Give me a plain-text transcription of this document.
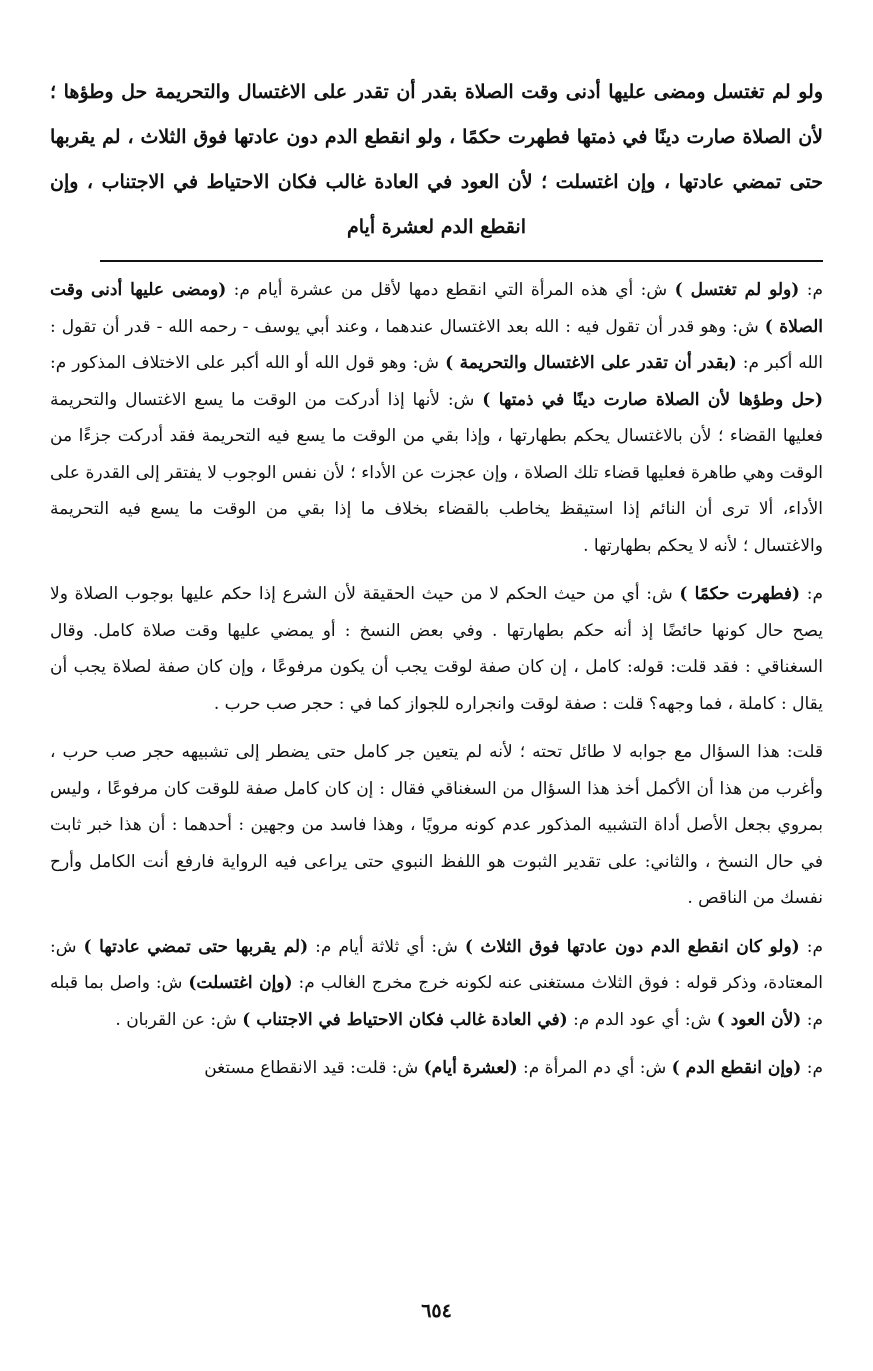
ولو لم تغتسل ومضى عليها أدنى وقت الصلاة بقدر أن تقدر على الاغتسال والتحريمة حل وطؤها ؛ لأن الصلاة صارت دينًا في ذمتها فطهرت حكمًا ، ولو انقطع الدم دون عادتها فوق الثلاث ، لم يقربها حتى تمضي عادتها ، وإن اغتسلت ؛ لأن العود في العادة غالب فكان الاحتياط في الاجتناب ، وإن انقطع الدم لعشرة أيام

م: (ولو لم تغتسل ) ش: أي هذه المرأة التي انقطع دمها لأقل من عشرة أيام م: (ومضى عليها أدنى وقت الصلاة ) ش: وهو قدر أن تقول فيه : الله بعد الاغتسال عندهما ، وعند أبي يوسف - رحمه الله - قدر أن تقول : الله أكبر م: (بقدر أن تقدر على الاغتسال والتحريمة ) ش: وهو قول الله أو الله أكبر على الاختلاف المذكور م: (حل وطؤها لأن الصلاة صارت دينًا في ذمتها ) ش: لأنها إذا أدركت من الوقت ما يسع الاغتسال والتحريمة فعليها القضاء ؛ لأن بالاغتسال يحكم بطهارتها ، وإذا بقي من الوقت ما يسع فيه التحريمة فقد أدركت جزءًا من الوقت وهي طاهرة فعليها قضاء تلك الصلاة ، وإن عجزت عن الأداء ؛ لأن نفس الوجوب لا يفتقر إلى القدرة على الأداء، ألا ترى أن النائم إذا استيقظ يخاطب بالقضاء بخلاف ما إذا بقي من الوقت ما يسع فيه التحريمة والاغتسال ؛ لأنه لا يحكم بطهارتها .

م: (فطهرت حكمًا ) ش: أي من حيث الحكم لا من حيث الحقيقة لأن الشرع إذا حكم عليها بوجوب الصلاة ولا يصح حال كونها حائضًا إذ أنه حكم بطهارتها . وفي بعض النسخ : أو يمضي عليها وقت صلاة كامل. وقال السغناقي : فقد قلت: قوله: كامل ، إن كان صفة لوقت يجب أن يكون مرفوعًا ، وإن كان صفة لصلاة يجب أن يقال : كاملة ، فما وجهه؟ قلت : صفة لوقت وانجراره للجواز كما في : حجر صب حرب .

قلت: هذا السؤال مع جوابه لا طائل تحته ؛ لأنه لم يتعين جر كامل حتى يضطر إلى تشبيهه حجر صب حرب ، وأغرب من هذا أن الأكمل أخذ هذا السؤال من السغناقي فقال : إن كان كامل صفة للوقت كان مرفوعًا ، وليس بمروي بجعل الأصل أداة التشبيه المذكور عدم كونه مرويًا ، وهذا فاسد من وجهين : أحدهما : أن هذا خبر ثابت في حال النسخ ، والثاني: على تقدير الثبوت هو اللفظ النبوي حتى يراعى فيه الرواية فارفع أنت الكامل وأرح نفسك من الناقص .

م: (ولو كان انقطع الدم دون عادتها فوق الثلاث ) ش: أي ثلاثة أيام م: (لم يقربها حتى تمضي عادتها ) ش: المعتادة، وذكر قوله : فوق الثلاث مستغنى عنه لكونه خرج مخرج الغالب م: (وإن اغتسلت) ش: واصل بما قبله م: (لأن العود ) ش: أي عود الدم م: (في العادة غالب فكان الاحتياط في الاجتناب ) ش: عن القربان .

م: (وإن انقطع الدم ) ش: أي دم المرأة م: (لعشرة أيام) ش: قلت: قيد الانقطاع مستغن

٦٥٤
